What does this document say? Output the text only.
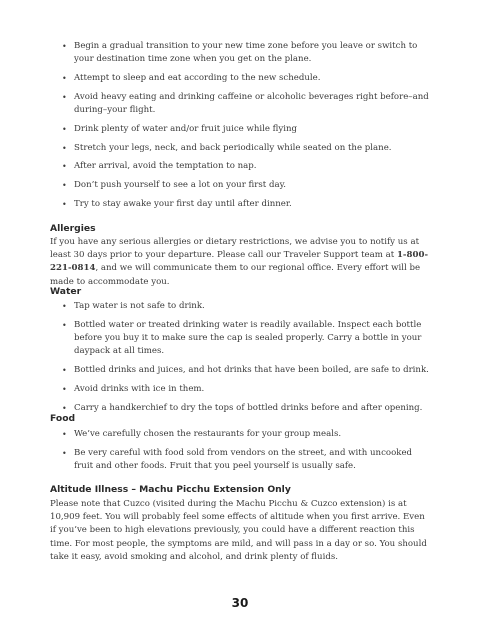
• Begin a gradual transition to your new time zone before you leave or switch to your destination time zone when you get on the plane.
• Attempt to sleep and eat according to the new schedule.
• Avoid heavy eating and drinking caffeine or alcoholic beverages right before–and during–your flight.
• Drink plenty of water and/or fruit juice while flying
• Stretch your legs, neck, and back periodically while seated on the plane.
• After arrival, avoid the temptation to nap.
• Don’t push yourself to see a lot on your first day.
• Try to stay awake your first day until after dinner.
Allergies

If you have any serious allergies or dietary restrictions, we advise you to notify us at least 30 days prior to your departure. Please call our Traveler Support team at 1-800-221-0814, and we will communicate them to our regional office. Every effort will be made to accommodate you.

Water
• Tap water is not safe to drink.
• Bottled water or treated drinking water is readily available. Inspect each bottle before you buy it to make sure the cap is sealed properly. Carry a bottle in your daypack at all times.
• Bottled drinks and juices, and hot drinks that have been boiled, are safe to drink.
• Avoid drinks with ice in them.
• Carry a handkerchief to dry the tops of bottled drinks before and after opening.
Food
• We’ve carefully chosen the restaurants for your group meals.
• Be very careful with food sold from vendors on the street, and with uncooked fruit and other foods. Fruit that you peel yourself is usually safe.
Altitude Illness – Machu Picchu Extension Only

Please note that Cuzco (visited during the Machu Picchu & Cuzco extension) is at 10,909 feet. You will probably feel some effects of altitude when you first arrive. Even if you’ve been to high elevations previously, you could have a different reaction this time. For most people, the symptoms are mild, and will pass in a day or so. You should take it easy, avoid smoking and alcohol, and drink plenty of fluids.

30
